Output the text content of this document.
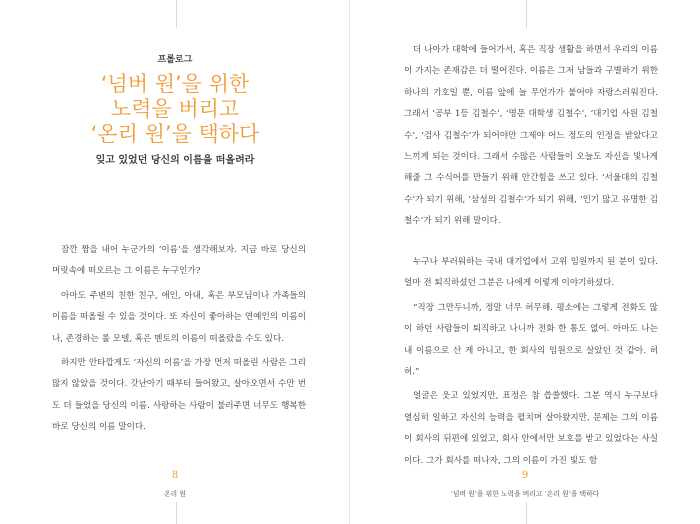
프롤로그
‘넘버 원’을 위한
노력을 버리고
‘온리 원’을 택하다
잊고 있었던 당신의 이름을 떠올려라
8
온리 원

잠깐 짬을 내어 누군가의 ‘이름’을 생각해보자. 지금 바로 당신의 머릿속에 떠오르는 그 이름은 누구인가?

아마도 주변의 친한 친구, 애인, 아내, 혹은 부모님이나 가족들의 이름을 떠올릴 수 있을 것이다. 또 자신이 좋아하는 연예인의 이름이나, 존경하는 롤 모델, 혹은 멘토의 이름이 떠올랐을 수도 있다.

하지만 안타깝게도 ‘자신의 이름’을 가장 먼저 떠올린 사람은 그리 많지 않았을 것이다. 갓난아기 때부터 들어왔고, 살아오면서 수만 번도 더 들었을 당신의 이름. 사랑하는 사람이 불러주면 너무도 행복한 바로 당신의 이름 말이다.

9
‘넘버 원’을 위한 노력을 버리고 ‘온리 원’을 택하다

더 나아가 대학에 들어가서, 혹은 직장 생활을 하면서 우리의 이름이 가지는 존재감은 더 떨어진다. 이름은 그저 남들과 구별하기 위한 하나의 기호일 뿐, 이름 앞에 늘 무언가가 붙어야 자랑스러워진다. 그래서 ‘공부 1등 김철수’, ‘명문 대학생 김철수’, ‘대기업 사원 김철수’, ‘검사 김철수’가 되어야만 그제야 어느 정도의 인정을 받았다고 느끼게 되는 것이다. 그래서 수많은 사람들이 오늘도 자신을 빛나게 해줄 그 수식어를 만들기 위해 안간힘을 쓰고 있다. ‘서울대의 김철수’가 되기 위해, ‘삼성의 김철수’가 되기 위해, ‘인기 많고 유명한 김철수’가 되기 위해 말이다.

누구나 부러워하는 국내 대기업에서 고위 임원까지 된 분이 있다. 얼마 전 퇴직하셨던 그분은 나에게 이렇게 이야기하셨다.

“직장 그만두니까, 정말 너무 허무해. 평소에는 그렇게 전화도 많이 하던 사람들이 퇴직하고 나니까 전화 한 통도 없어. 아마도 나는 내 이름으로 산 게 아니고, 한 회사의 임원으로 살았던 것 같아. 허허.”

얼굴은 웃고 있었지만, 표정은 참 씁쓸했다. 그분 역시 누구보다 열심히 일하고 자신의 능력을 펼치며 살아왔지만, 문제는 그의 이름이 회사의 뒤편에 있었고, 회사 안에서만 보호를 받고 있었다는 사실이다. 그가 회사를 떠나자, 그의 이름이 가진 빛도 함
